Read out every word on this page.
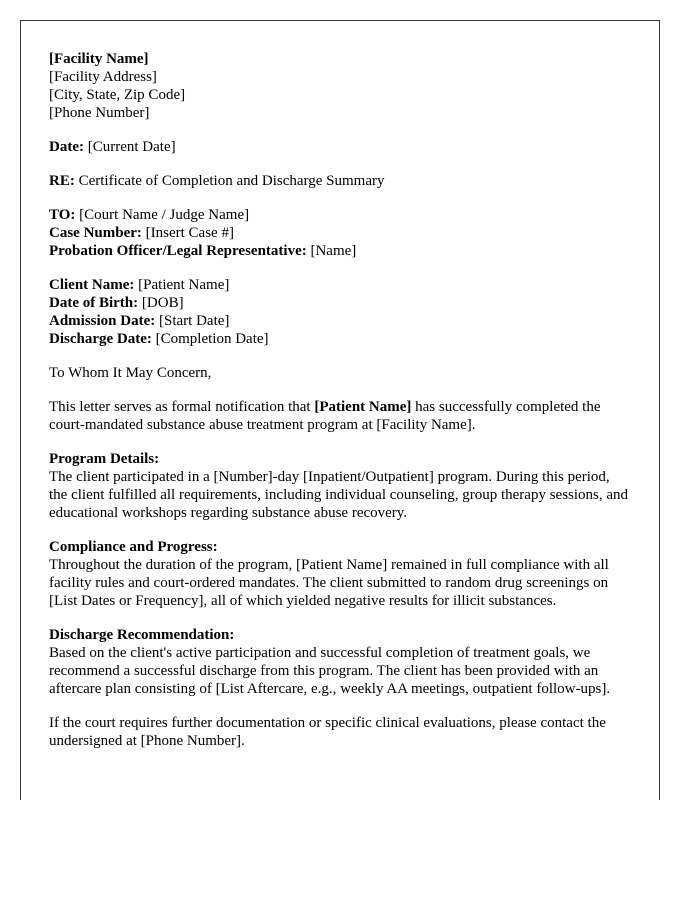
[Facility Name]
[Facility Address]
[City, State, Zip Code]
[Phone Number]

Date: [Current Date]

RE: Certificate of Completion and Discharge Summary

TO: [Court Name / Judge Name]
Case Number: [Insert Case #]
Probation Officer/Legal Representative: [Name]

Client Name: [Patient Name]
Date of Birth: [DOB]
Admission Date: [Start Date]
Discharge Date: [Completion Date]

To Whom It May Concern,

This letter serves as formal notification that [Patient Name] has successfully completed the court-mandated substance abuse treatment program at [Facility Name].

Program Details:
The client participated in a [Number]-day [Inpatient/Outpatient] program. During this period, the client fulfilled all requirements, including individual counseling, group therapy sessions, and educational workshops regarding substance abuse recovery.

Compliance and Progress:
Throughout the duration of the program, [Patient Name] remained in full compliance with all facility rules and court-ordered mandates. The client submitted to random drug screenings on [List Dates or Frequency], all of which yielded negative results for illicit substances.

Discharge Recommendation:
Based on the client's active participation and successful completion of treatment goals, we recommend a successful discharge from this program. The client has been provided with an aftercare plan consisting of [List Aftercare, e.g., weekly AA meetings, outpatient follow-ups].

If the court requires further documentation or specific clinical evaluations, please contact the undersigned at [Phone Number].
